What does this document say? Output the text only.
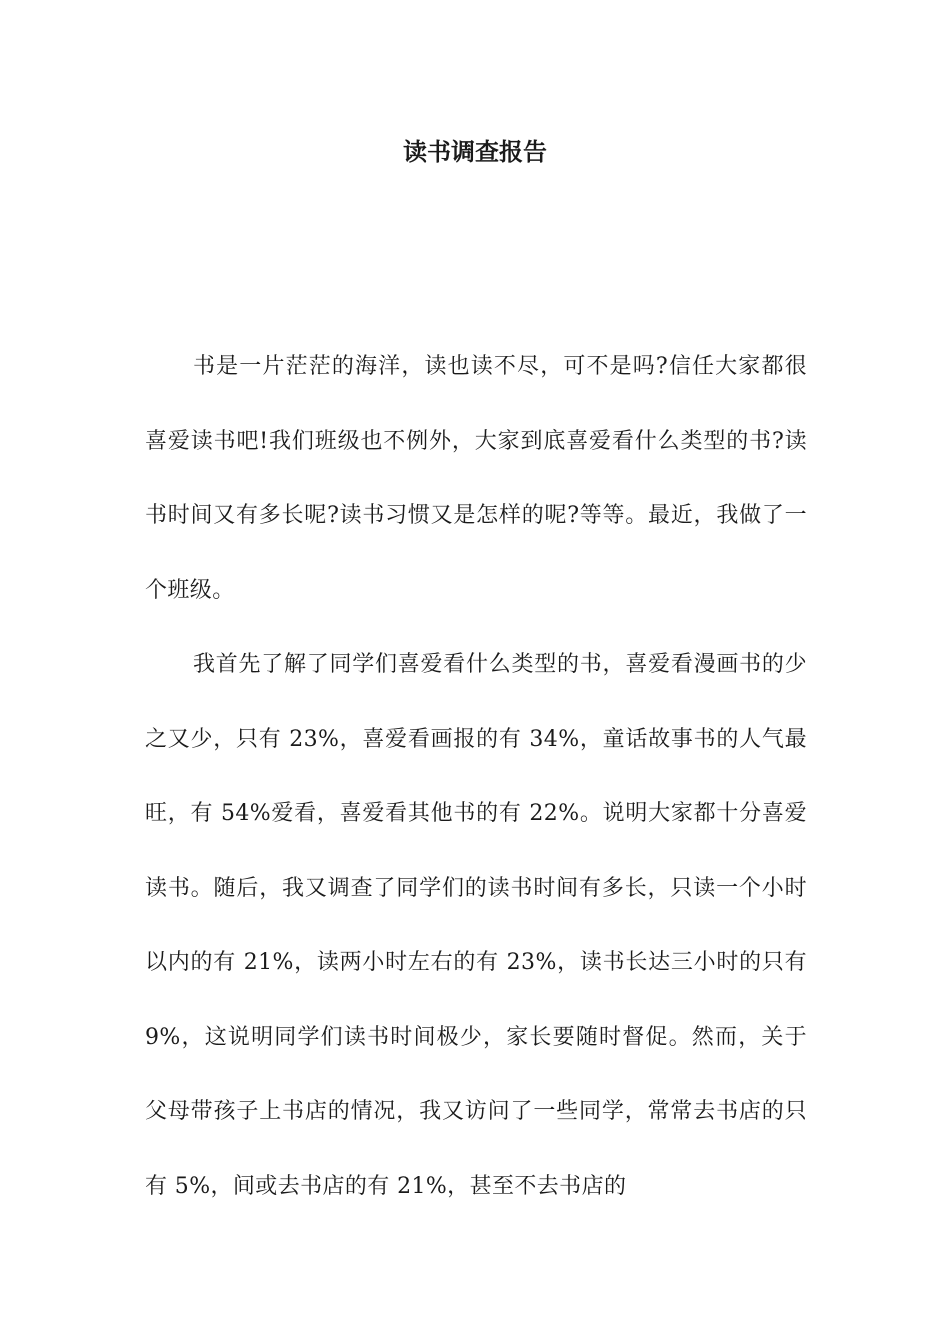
读书调查报告

书是一片茫茫的海洋，读也读不尽，可不是吗?信任大家都很喜爱读书吧!我们班级也不例外，大家到底喜爱看什么类型的书?读书时间又有多长呢?读书习惯又是怎样的呢?等等。最近，我做了一个班级。

我首先了解了同学们喜爱看什么类型的书，喜爱看漫画书的少之又少，只有 23%，喜爱看画报的有 34%，童话故事书的人气最旺，有 54%爱看，喜爱看其他书的有 22%。说明大家都十分喜爱读书。随后，我又调查了同学们的读书时间有多长，只读一个小时以内的有 21%，读两小时左右的有 23%，读书长达三小时的只有 9%，这说明同学们读书时间极少，家长要随时督促。然而，关于父母带孩子上书店的情况，我又访问了一些同学，常常去书店的只有 5%，间或去书店的有 21%，甚至不去书店的
